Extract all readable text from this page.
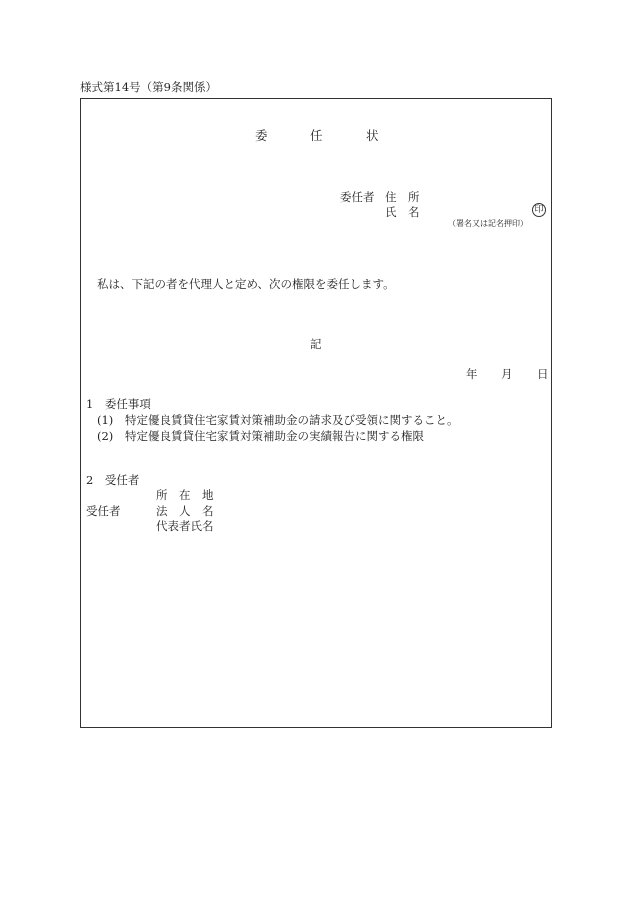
様式第14号（第9条関係）
委	任	状
委任者 住　所
氏　名	印
（署名又は記名押印）
私は、下記の者を代理人と定め、次の権限を委任します。
記
年 月 日
1　委任事項
(1) 特定優良賃貸住宅家賃対策補助金の請求及び受領に関すること。
(2) 特定優良賃貸住宅家賃対策補助金の実績報告に関する権限
2　受任者
所　在　地
受任者	法　人　名
代表者氏名
